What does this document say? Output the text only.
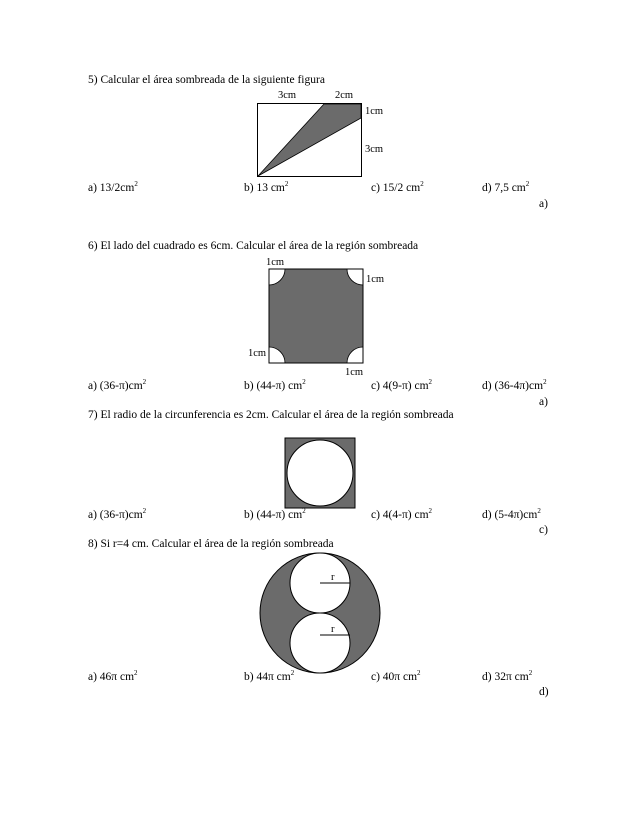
5) Calcular el área sombreada de la siguiente figura
3cm	2cm
1cm
3cm
a) $13/2cm^2$	b) 13 $cm^2$	c) 15/2 $cm^2$	d) 7,5 $cm^2$
a)
6) El lado del cuadrado es 6cm. Calcular el área de la región sombreada
1cm
1cm
1cm
1cm
a) $(36-\pi)cm^2$	b) (44-π) $cm^2$	c) 4(9-π) $cm^2$	d) $(36-4\pi)cm^2$
a)
7) El radio de la circunferencia es 2cm. Calcular el área de la región sombreada
a) $(36-\pi)cm^2$	b) (44-π) $cm^2$	c) 4(4-π) $cm^2$	d) $(5-4\pi)cm^2$
c)
8) Si r=4 cm. Calcular el área de la región sombreada
r
r
a) 46π $cm^2$	b) 44π $cm^2$	c) 40π $cm^2$	d) 32π $cm^2$
d)
